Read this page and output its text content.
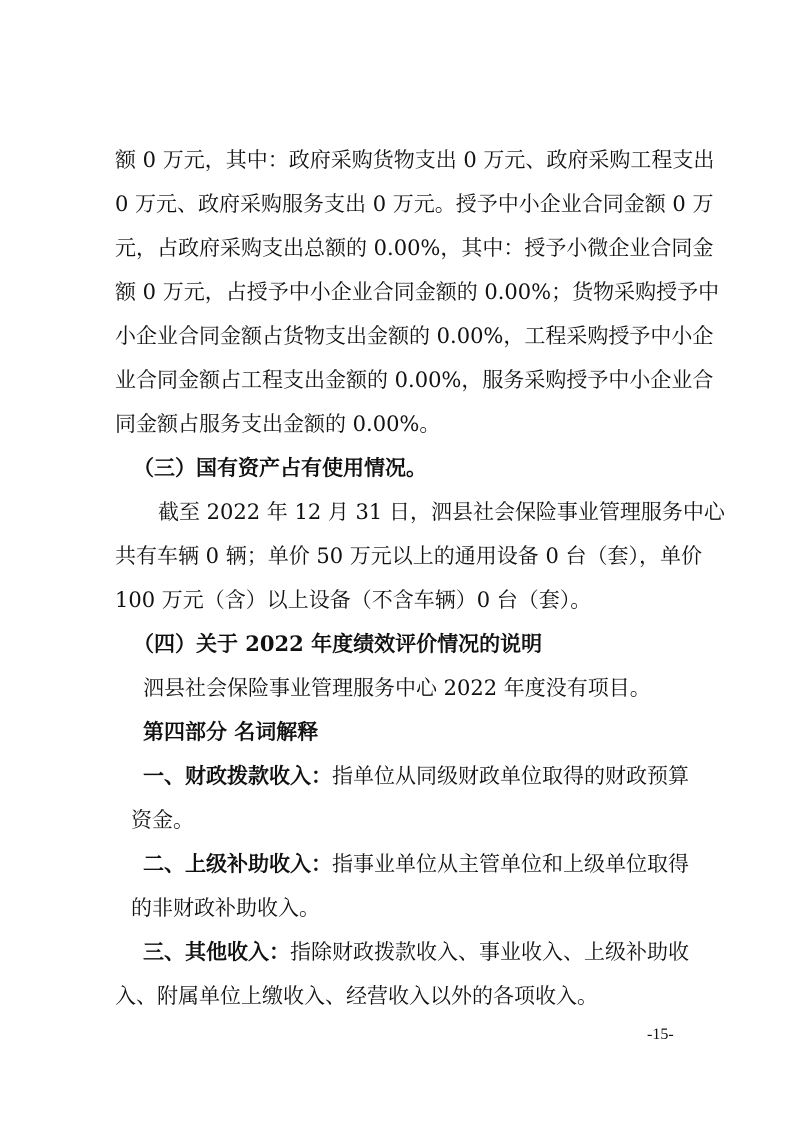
额 0 万元，其中：政府采购货物支出 0 万元、政府采购工程支出
0 万元、政府采购服务支出 0 万元。授予中小企业合同金额 0 万
元，占政府采购支出总额的 0.00%，其中：授予小微企业合同金
额 0 万元，占授予中小企业合同金额的 0.00%；货物采购授予中
小企业合同金额占货物支出金额的 0.00%，工程采购授予中小企
业合同金额占工程支出金额的 0.00%，服务采购授予中小企业合
同金额占服务支出金额的 0.00%。
（三）国有资产占有使用情况。
截至 2022 年 12 月 31 日，泗县社会保险事业管理服务中心
共有车辆 0 辆；单价 50 万元以上的通用设备 0 台（套），单价
100 万元（含）以上设备（不含车辆）0 台（套）。
（四）关于 2022 年度绩效评价情况的说明
泗县社会保险事业管理服务中心 2022 年度没有项目。
第四部分 名词解释
一、财政拨款收入：指单位从同级财政单位取得的财政预算
资金。
二、上级补助收入：指事业单位从主管单位和上级单位取得
的非财政补助收入。
三、其他收入：指除财政拨款收入、事业收入、上级补助收
入、附属单位上缴收入、经营收入以外的各项收入。
-15-
